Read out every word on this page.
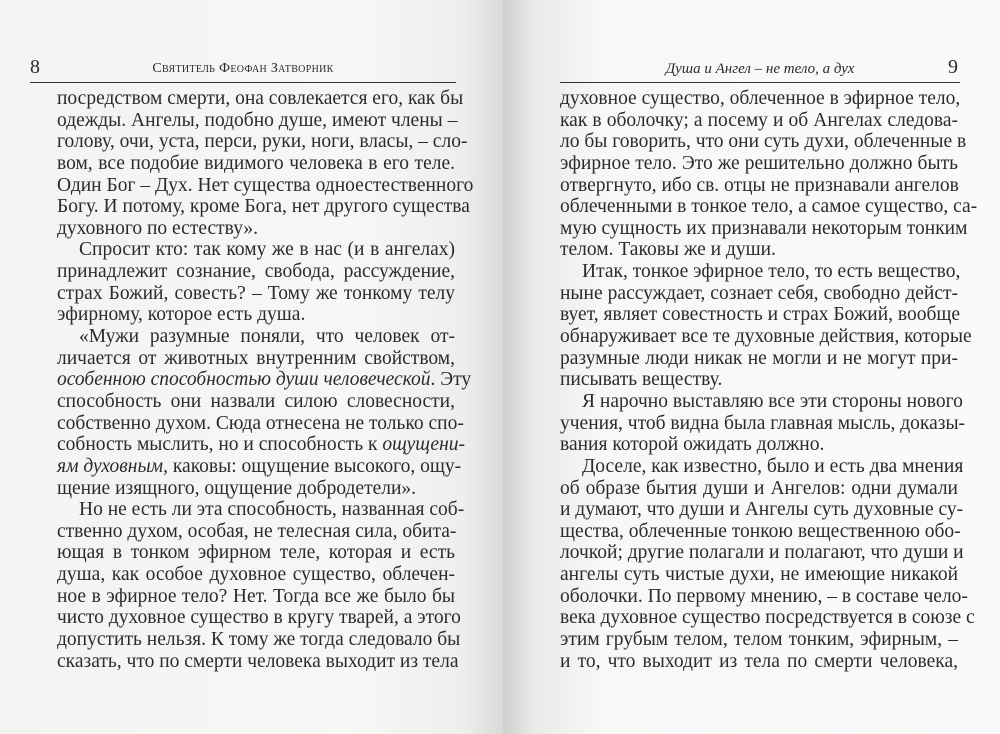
8	Святитель Феофан Затворник
посредством смерти, она совлекается его, как бы
одежды. Ангелы, подобно душе, имеют члены –
голову, очи, уста, перси, руки, ноги, власы, – сло-
вом, все подобие видимого человека в его теле.
Один Бог – Дух. Нет существа одноестественного
Богу. И потому, кроме Бога, нет другого существа
духовного по естеству».
Спросит кто: так кому же в нас (и в ангелах)
принадлежит сознание, свобода, рассуждение,
страх Божий, совесть? – Тому же тонкому телу
эфирному, которое есть душа.
«Мужи разумные поняли, что человек от-
личается от животных внутренним свойством,
особенною способностью души человеческой. Эту
способность они назвали силою словесности,
собственно духом. Сюда отнесена не только спо-
собность мыслить, но и способность к ощущени-
ям духовным, каковы: ощущение высокого, ощу-
щение изящного, ощущение добродетели».
Но не есть ли эта способность, названная соб-
ственно духом, особая, не телесная сила, обита-
ющая в тонком эфирном теле, которая и есть
душа, как особое духовное существо, облечен-
ное в эфирное тело? Нет. Тогда все же было бы
чисто духовное существо в кругу тварей, а этого
допустить нельзя. К тому же тогда следовало бы
сказать, что по смерти человека выходит из тела
Душа и Ангел – не тело, а дух	9
духовное существо, облеченное в эфирное тело,
как в оболочку; а посему и об Ангелах следова-
ло бы говорить, что они суть духи, облеченные в
эфирное тело. Это же решительно должно быть
отвергнуто, ибо св. отцы не признавали ангелов
облеченными в тонкое тело, а самое существо, са-
мую сущность их признавали некоторым тонким
телом. Таковы же и души.
Итак, тонкое эфирное тело, то есть вещество,
ныне рассуждает, сознает себя, свободно дейст-
вует, являет совестность и страх Божий, вообще
обнаруживает все те духовные действия, которые
разумные люди никак не могли и не могут при-
писывать веществу.
Я нарочно выставляю все эти стороны нового
учения, чтоб видна была главная мысль, доказы-
вания которой ожидать должно.
Доселе, как известно, было и есть два мнения
об образе бытия души и Ангелов: одни думали
и думают, что души и Ангелы суть духовные су-
щества, облеченные тонкою вещественною обо-
лочкой; другие полагали и полагают, что души и
ангелы суть чистые духи, не имеющие никакой
оболочки. По первому мнению, – в составе чело-
века духовное существо посредствуется в союзе с
этим грубым телом, телом тонким, эфирным, –
и то, что выходит из тела по смерти человека,
